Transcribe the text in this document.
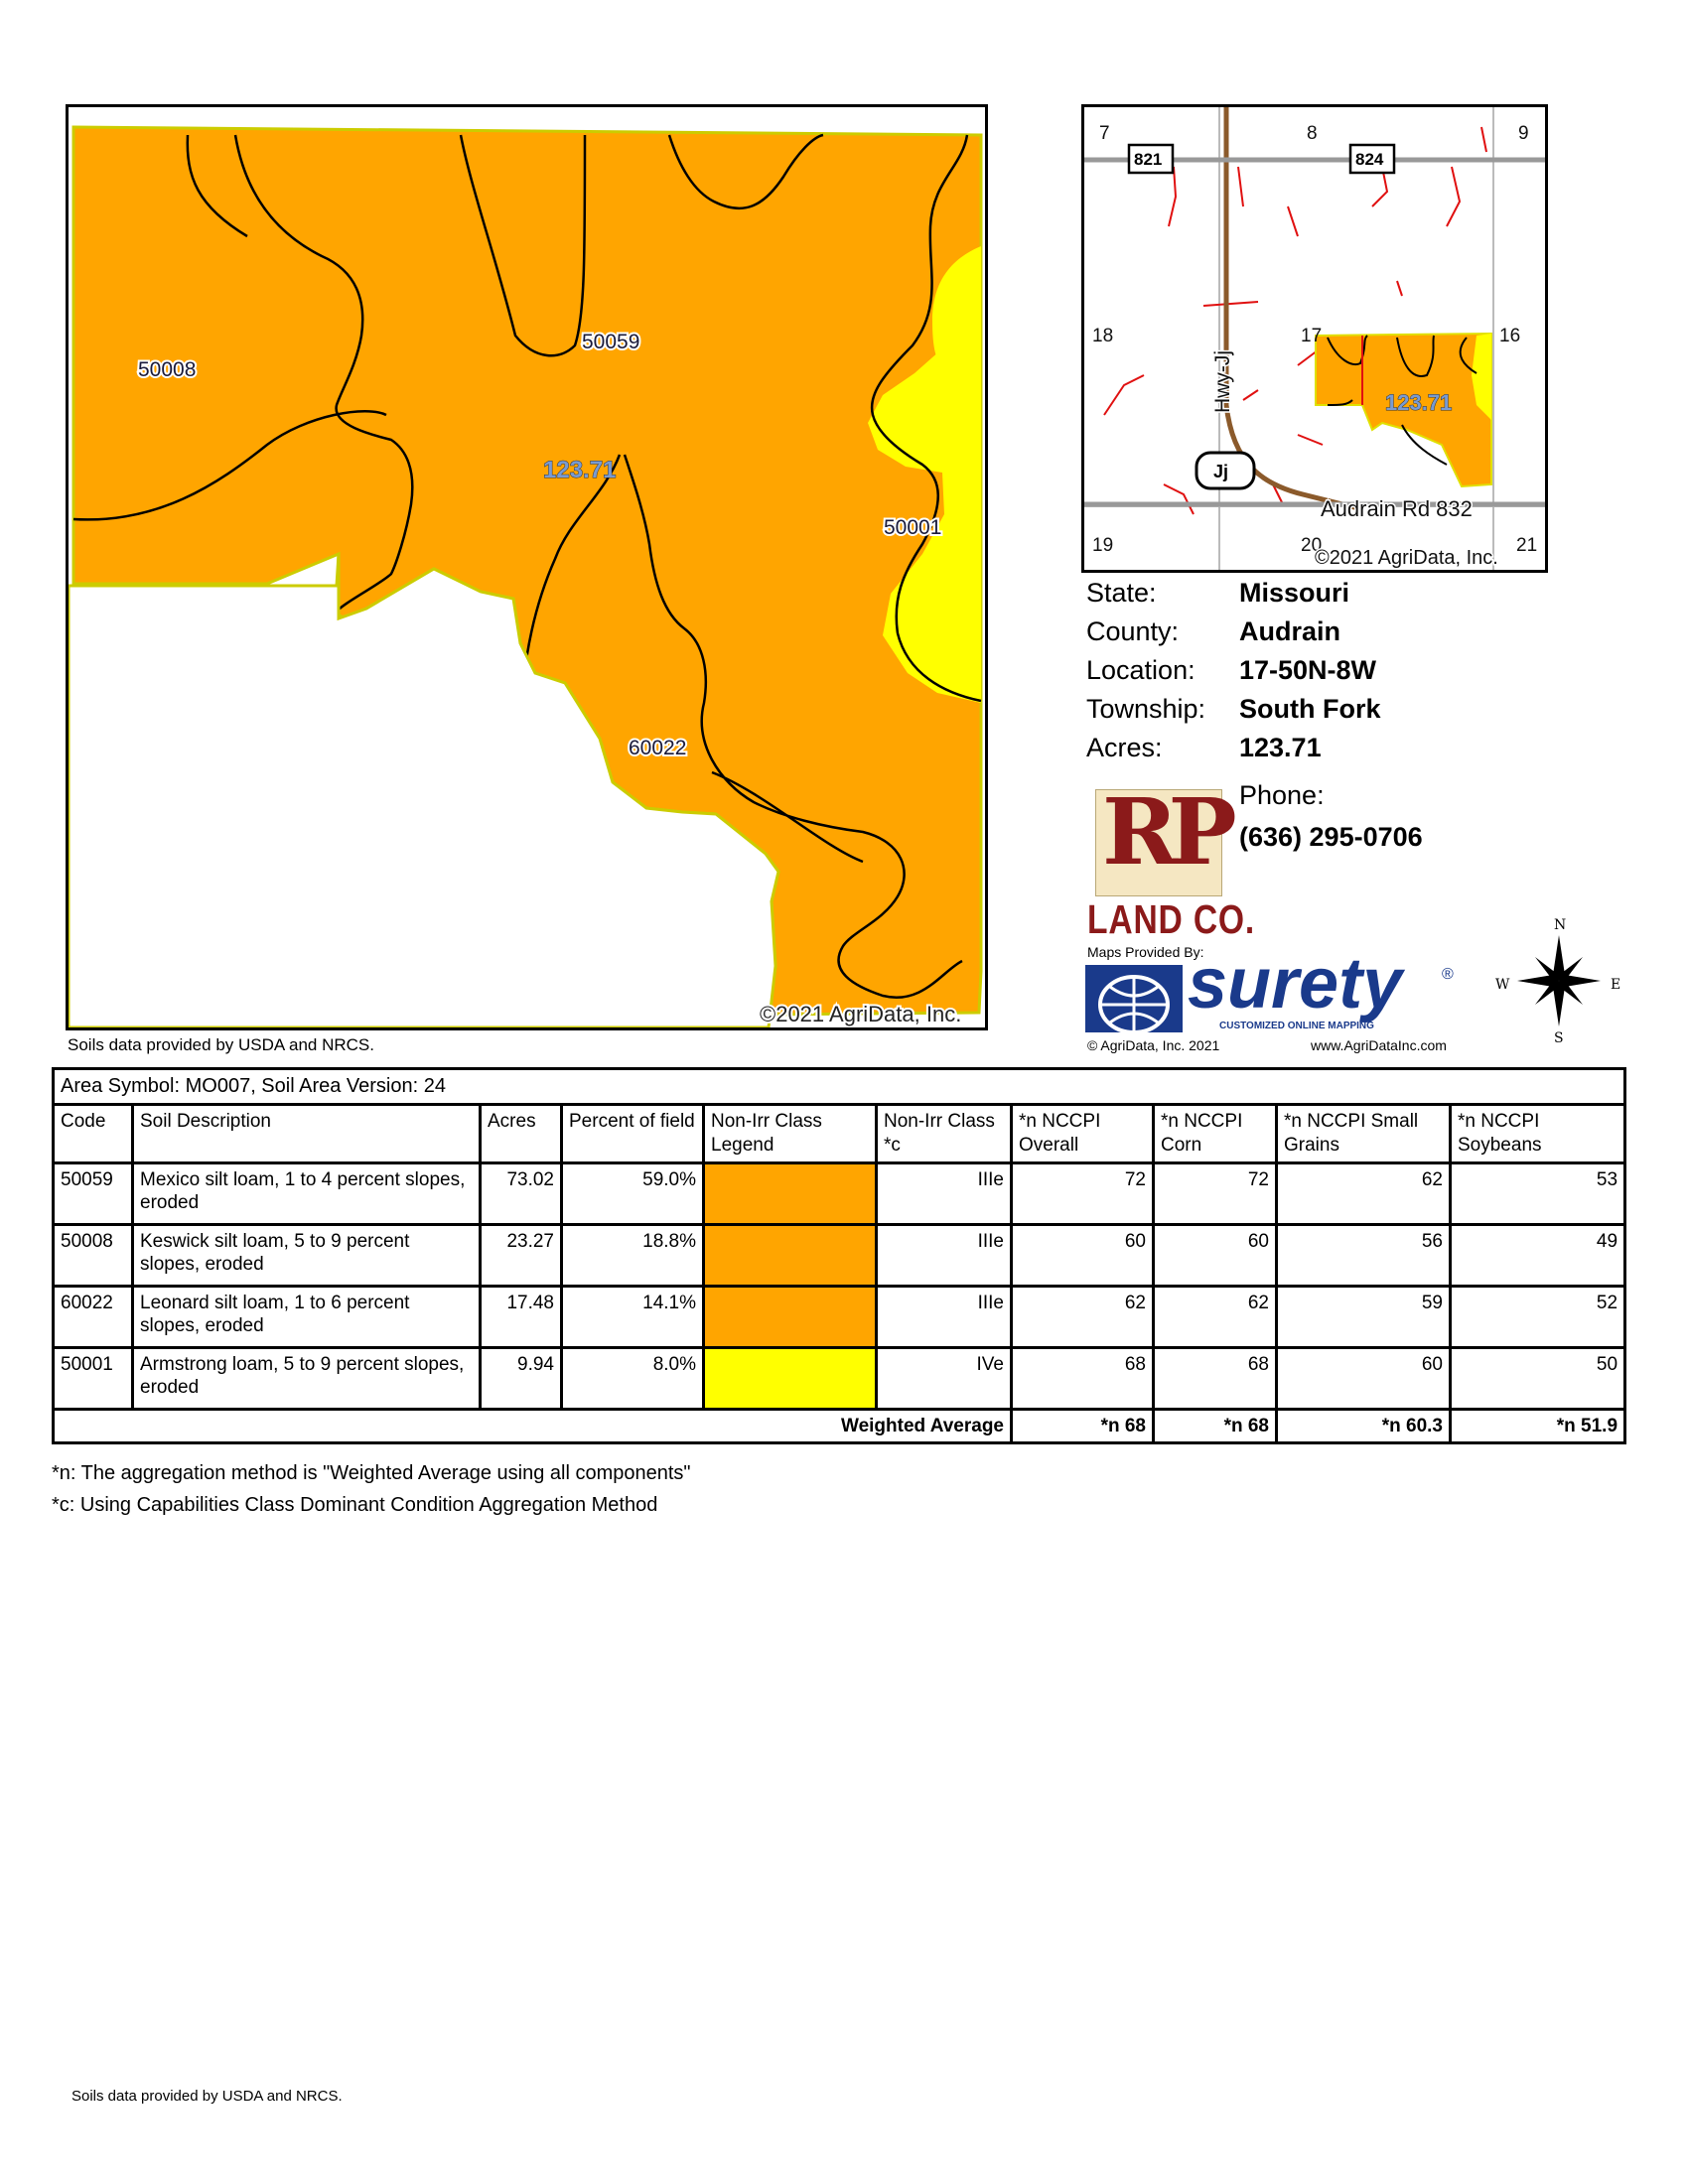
50008
50059
50001
60022
123.71
©2021 AgriData, Inc.
Soils data provided by USDA and NRCS.
7	8	9
18	17	16
19	20	21
821	824
Hwy-Jj
Jj
Audrain Rd 832
123.71
©2021 AgriData, Inc.
State:	Missouri
County: Audrain
Location: 17-50N-8W
Township: South Fork
Acres:	123.71
Phone:
(636) 295-0706
RP
LAND CO.
Maps Provided By:
surety ®
CUSTOMIZED ONLINE MAPPING
© AgriData, Inc. 2021	www.AgriDataInc.com
N
S
W	E
Area Symbol: MO007, Soil Area Version: 24									
Code	Soil Description	Acres	Percent of field	Non-Irr Class Legend	Non-Irr Class *c	*n NCCPI Overall	*n NCCPI Corn	*n NCCPI Small Grains	*n NCCPI Soybeans
50059	Mexico silt loam, 1 to 4 percent slopes, eroded	73.02	59.0%		IIIe	72	72	62	53
50008	Keswick silt loam, 5 to 9 percent slopes, eroded	23.27	18.8%		IIIe	60	60	56	49
60022	Leonard silt loam, 1 to 6 percent slopes, eroded	17.48	14.1%		IIIe	62	62	59	52
50001	Armstrong loam, 5 to 9 percent slopes, eroded	9.94	8.0%		IVe	68	68	60	50
Weighted Average						*n 68	*n 68	*n 60.3	*n 51.9
*n: The aggregation method is "Weighted Average using all components"
*c: Using Capabilities Class Dominant Condition Aggregation Method
Soils data provided by USDA and NRCS.
